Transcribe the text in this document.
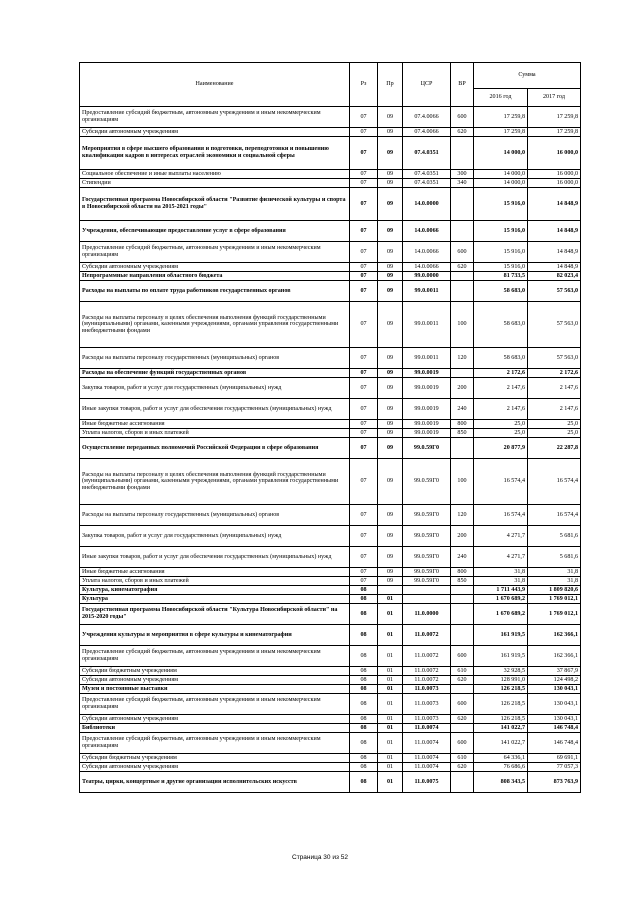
Наименование	Рз	Пр	ЦСР	ВР	Сумма	
					2016 год	2017 год
Предоставление субсидий бюджетным, автономным учреждениям и иным некоммерческим организациям	07	09	07.4.0066	600	17 259,8	17 259,8
Субсидии автономным учреждениям	07	09	07.4.0066	620	17 259,8	17 259,8
Мероприятия в сфере высшего образования и подготовки, переподготовки и повышению квалификации кадров в интересах отраслей экономики и социальной сферы	07	09	07.4.0351		14 000,0	16 000,0
Социальное обеспечение и иные выплаты населению	07	09	07.4.0351	300	14 000,0	16 000,0
Стипендии	07	09	07.4.0351	340	14 000,0	16 000,0
Государственная программа Новосибирской области "Развитие физической культуры и спорта в Новосибирской области на 2015-2021 годы"	07	09	14.0.0000		15 916,0	14 848,9
Учреждения, обеспечивающие предоставление услуг в сфере образования	07	09	14.0.0066		15 916,0	14 848,9
Предоставление субсидий бюджетным, автономным учреждениям и иным некоммерческим организациям	07	09	14.0.0066	600	15 916,0	14 848,9
Субсидии автономным учреждениям	07	09	14.0.0066	620	15 916,0	14 848,9
Непрограммные направления областного бюджета	07	09	99.0.0000		81 733,5	82 023,4
Расходы на выплаты по оплате труда работников государственных органов	07	09	99.0.0011		58 683,0	57 563,0
Расходы на выплаты персоналу в целях обеспечения выполнения функций государственными (муниципальными) органами, казенными учреждениями, органами управления государственными внебюджетными фондами	07	09	99.0.0011	100	58 683,0	57 563,0
Расходы на выплаты персоналу государственных (муниципальных) органов	07	09	99.0.0011	120	58 683,0	57 563,0
Расходы на обеспечение функций государственных органов	07	09	99.0.0019		2 172,6	2 172,6
Закупка товаров, работ и услуг для государственных (муниципальных) нужд	07	09	99.0.0019	200	2 147,6	2 147,6
Иные закупки товаров, работ и услуг для обеспечения государственных (муниципальных) нужд	07	09	99.0.0019	240	2 147,6	2 147,6
Иные бюджетные ассигнования	07	09	99.0.0019	800	25,0	25,0
Уплата налогов, сборов и иных платежей	07	09	99.0.0019	850	25,0	25,0
Осуществление переданных полномочий Российской Федерации в сфере образования	07	09	99.0.59Г0		20 877,9	22 287,8
Расходы на выплаты персоналу в целях обеспечения выполнения функций государственными (муниципальными) органами, казенными учреждениями, органами управления государственными внебюджетными фондами	07	09	99.0.59Г0	100	16 574,4	16 574,4
Расходы на выплаты персоналу государственных (муниципальных) органов	07	09	99.0.59Г0	120	16 574,4	16 574,4
Закупка товаров, работ и услуг для государственных (муниципальных) нужд	07	09	99.0.59Г0	200	4 271,7	5 681,6
Иные закупки товаров, работ и услуг для обеспечения государственных (муниципальных) нужд	07	09	99.0.59Г0	240	4 271,7	5 681,6
Иные бюджетные ассигнования	07	09	99.0.59Г0	800	31,8	31,8
Уплата налогов, сборов и иных платежей	07	09	99.0.59Г0	850	31,8	31,8
Культура, кинематография	08				1 711 443,9	1 809 820,6
Культура	08	01			1 670 689,2	1 769 012,1
Государственная программа Новосибирской области "Культура Новосибирской области" на 2015-2020 годы"	08	01	11.0.0000		1 670 689,2	1 769 012,1
Учреждения культуры и мероприятия в сфере культуры и кинематографии	08	01	11.0.0072		161 919,5	162 366,1
Предоставление субсидий бюджетным, автономным учреждениям и иным некоммерческим организациям	08	01	11.0.0072	600	161 919,5	162 366,1
Субсидии бюджетным учреждениям	08	01	11.0.0072	610	32 928,5	37 867,9
Субсидии автономным учреждениям	08	01	11.0.0072	620	128 991,0	124 498,2
Музеи и постоянные выставки	08	01	11.0.0073		126 218,5	130 043,1
Предоставление субсидий бюджетным, автономным учреждениям и иным некоммерческим организациям	08	01	11.0.0073	600	126 218,5	130 043,1
Субсидии автономным учреждениям	08	01	11.0.0073	620	126 218,5	130 043,1
Библиотеки	08	01	11.0.0074		141 022,7	146 748,4
Предоставление субсидий бюджетным, автономным учреждениям и иным некоммерческим организациям	08	01	11.0.0074	600	141 022,7	146 748,4
Субсидии бюджетным учреждениям	08	01	11.0.0074	610	64 336,1	69 691,1
Субсидии автономным учреждениям	08	01	11.0.0074	620	76 686,6	77 057,3
Театры, цирки, концертные и другие организации исполнительских искусств	08	01	11.0.0075		808 343,5	873 763,9
Страница 30 из 52
